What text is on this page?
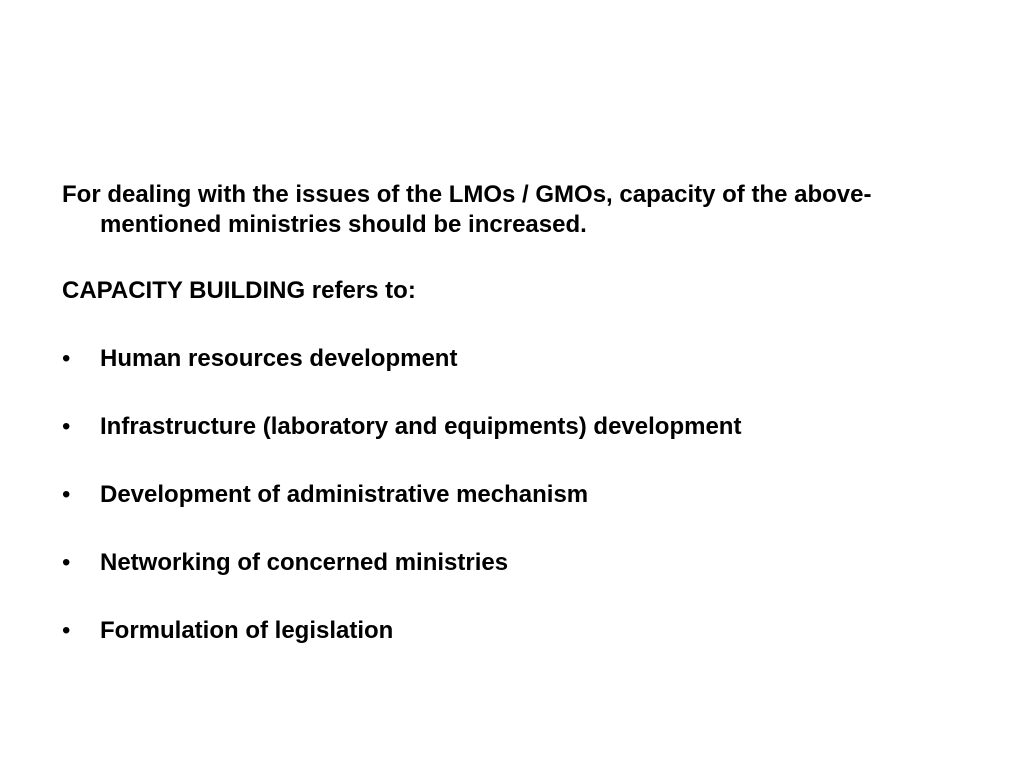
For dealing with the issues of the LMOs / GMOs, capacity of the above-mentioned ministries should be increased.

CAPACITY BUILDING refers to:

•	Human resources development
•	Infrastructure (laboratory and equipments) development
•	Development of administrative mechanism
•	Networking of concerned ministries
•	Formulation of legislation
